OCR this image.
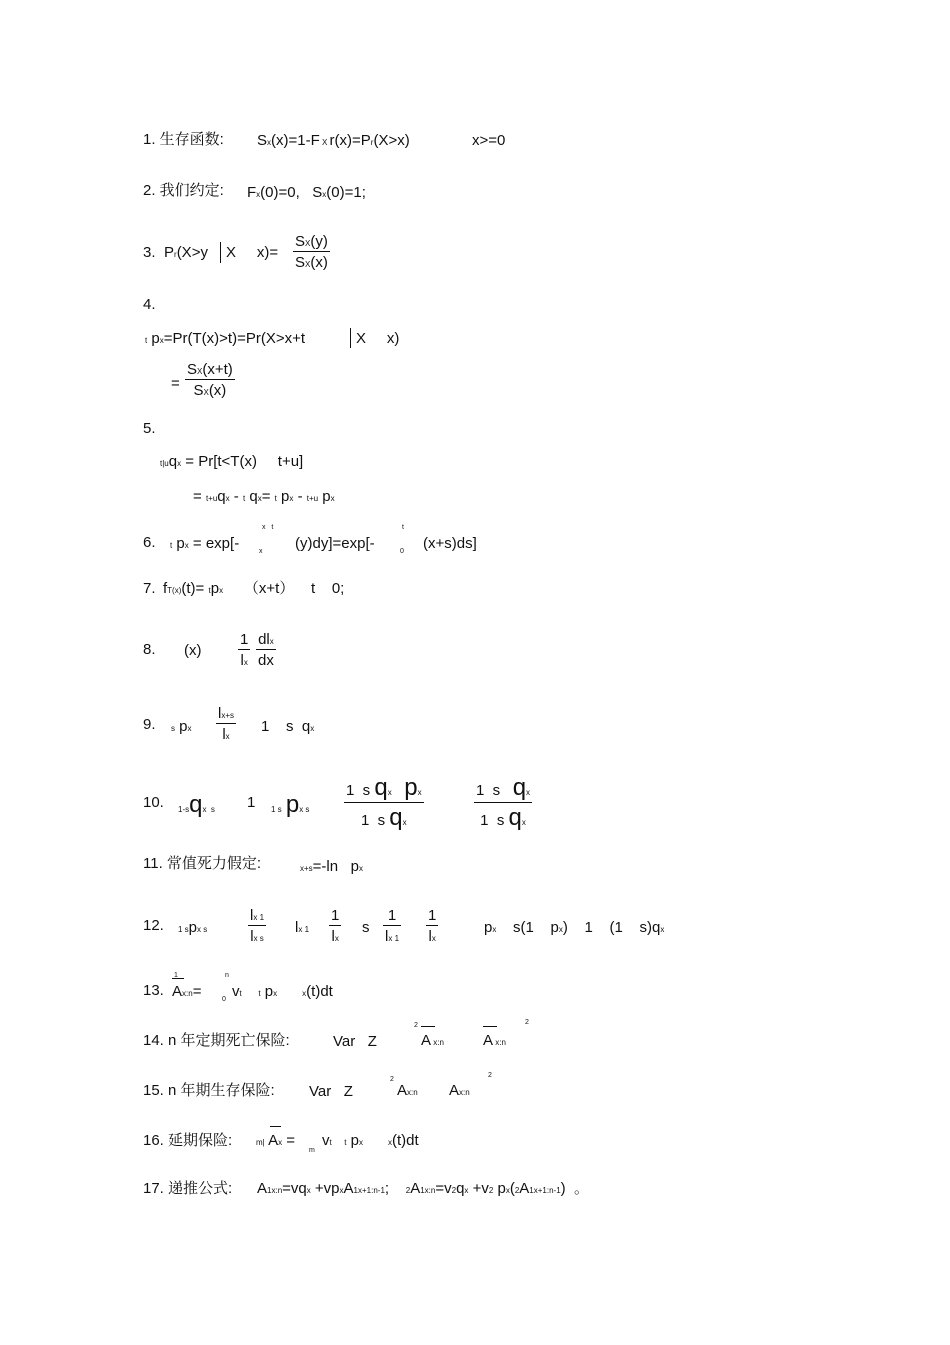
1. 生存函数: Sx(x)=1-F X r(x)=Pr(X>x)	x>=0
2. 我们约定: Fx(0)=0,   Sx(0)=1;
3. Pr(X>y X     $x)= \frac{SX(y)}{SX(x)}$
4.
t px=Pr(T(x)>t)=Pr(X>x+t	X     x)
= $\frac{SX(x+t)}{SX(x)}$
5.
t|uqx = Pr[t<T(x)     t+u]
= t+uqx - t qx= t px - t+u px
6. t px = exp[-
x   t
x (y)dy]=exp[-
t
0 (x+s)ds]
7. fT(x)(t)= tpx     （x+t）    t    0;
8. $(x) \frac{1}{lx}$ dlx
dx
9. s px $\frac{lx+s}{lx} 1$    s  qx
10. 1-sqx  s 1 1 s px s $\frac{\text{1  s qx px}}{\text{1  s qx}}$	$\frac{\text{1  s   qx}}{\text{1  s qx}}$
11. 常值死力假定:	x+s=-ln   px
12. 1 spx s	$\frac{lx 1}{\text{lx s}}$ lx $1 \frac{1}{lx}$ s $\frac{1}{lx 1} \frac{1}{lx}$	px    s(1    px)    1    (1    s)qx
13.
1
Ax:n=
n
0 vt t px	x(t)dt
14. n 年定期死亡保险:	Var   Z
2
A x:n	A x:n
2
15. n 年期生存保险: Var   Z
2
Ax:n Ax:n
2
16. 延期保险:	m| Ax =
m
vt t px	x(t)dt
17. 递推公式: A1x:n=vqx +vpxA1x+1:n-1;    2A1x:n=v2qx +v2 px(2A1x+1:n-1)  。
